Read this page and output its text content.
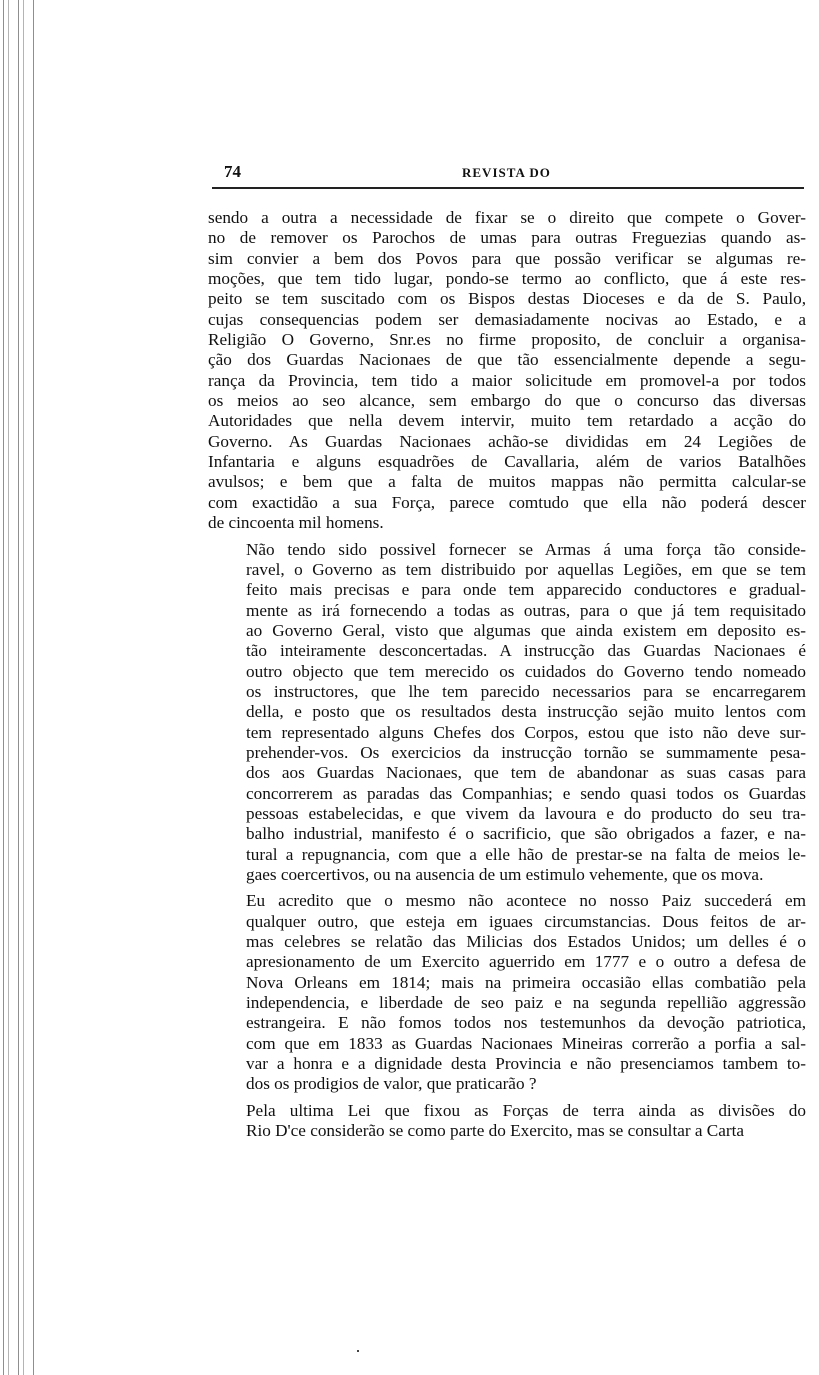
74	REVISTA DO

sendo a outra a necessidade de fixar se o direito que compete o Gover-
no de remover os Parochos de umas para outras Freguezias quando as-
sim convier a bem dos Povos para que possão verificar se algumas re-
moções, que tem tido lugar, pondo-se termo ao conflicto, que á este res-
peito se tem suscitado com os Bispos destas Dioceses e da de S. Paulo,
cujas consequencias podem ser demasiadamente nocivas ao Estado, e a
Religião O Governo, Snr.es no firme proposito, de concluir a organisa-
ção dos Guardas Nacionaes de que tão essencialmente depende a segu-
rança da Provincia, tem tido a maior solicitude em promovel-a por todos
os meios ao seo alcance, sem embargo do que o concurso das diversas
Autoridades que nella devem intervir, muito tem retardado a acção do
Governo. As Guardas Nacionaes achão-se divididas em 24 Legiões de
Infantaria e alguns esquadrões de Cavallaria, além de varios Batalhões
avulsos; e bem que a falta de muitos mappas não permitta calcular-se
com exactidão a sua Força, parece comtudo que ella não poderá descer
de cincoenta mil homens.

Não tendo sido possivel fornecer se Armas á uma força tão conside-
ravel, o Governo as tem distribuido por aquellas Legiões, em que se tem
feito mais precisas e para onde tem apparecido conductores e gradual-
mente as irá fornecendo a todas as outras, para o que já tem requisitado
ao Governo Geral, visto que algumas que ainda existem em deposito es-
tão inteiramente desconcertadas. A instrucção das Guardas Nacionaes é
outro objecto que tem merecido os cuidados do Governo tendo nomeado
os instructores, que lhe tem parecido necessarios para se encarregarem
della, e posto que os resultados desta instrucção sejão muito lentos com
tem representado alguns Chefes dos Corpos, estou que isto não deve sur-
prehender-vos. Os exercicios da instrucção tornão se summamente pesa-
dos aos Guardas Nacionaes, que tem de abandonar as suas casas para
concorrerem as paradas das Companhias; e sendo quasi todos os Guardas
pessoas estabelecidas, e que vivem da lavoura e do producto do seu tra-
balho industrial, manifesto é o sacrificio, que são obrigados a fazer, e na-
tural a repugnancia, com que a elle hão de prestar-se na falta de meios le-
gaes coercertivos, ou na ausencia de um estimulo vehemente, que os mova.

Eu acredito que o mesmo não acontece no nosso Paiz succederá em
qualquer outro, que esteja em iguaes circumstancias. Dous feitos de ar-
mas celebres se relatão das Milicias dos Estados Unidos; um delles é o
apresionamento de um Exercito aguerrido em 1777 e o outro a defesa de
Nova Orleans em 1814; mais na primeira occasião ellas combatião pela
independencia, e liberdade de seo paiz e na segunda repellião aggressão
estrangeira. E não fomos todos nos testemunhos da devoção patriotica,
com que em 1833 as Guardas Nacionaes Mineiras correrão a porfia a sal-
var a honra e a dignidade desta Provincia e não presenciamos tambem to-
dos os prodigios de valor, que praticarão ?

Pela ultima Lei que fixou as Forças de terra ainda as divisões do
Rio D'ce considerão se como parte do Exercito, mas se consultar a Carta
